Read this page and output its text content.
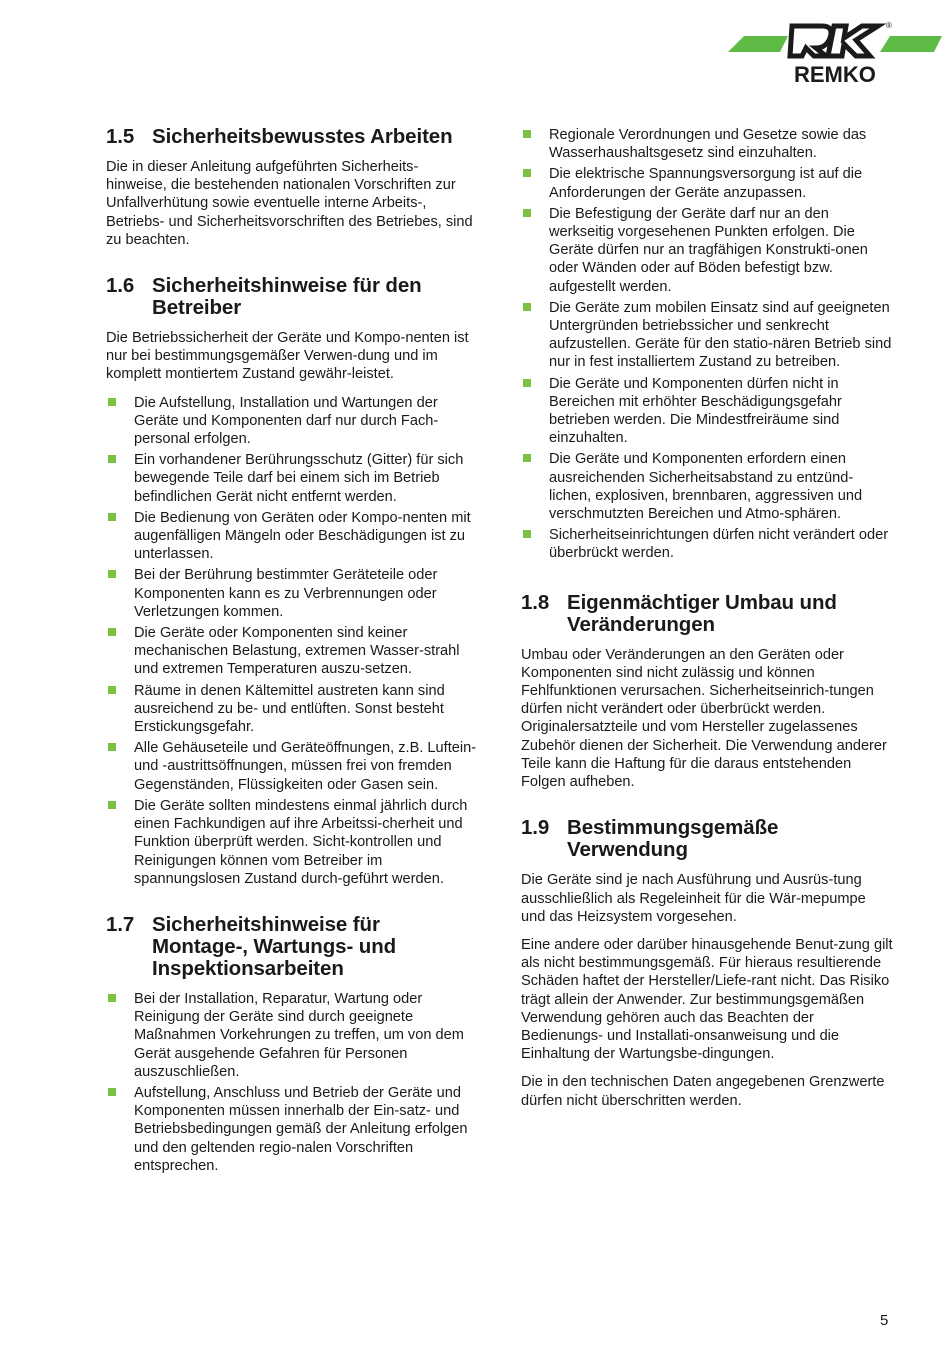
REMKO
®
1.5 Sicherheitsbewusstes Arbeiten

Die in dieser Anleitung aufgeführten Sicherheits-hinweise, die bestehenden nationalen Vorschriften zur Unfallverhütung sowie eventuelle interne Arbeits-, Betriebs- und Sicherheitsvorschriften des Betriebes, sind zu beachten.

1.6 Sicherheitshinweise für den Betreiber

Die Betriebssicherheit der Geräte und Kompo-nenten ist nur bei bestimmungsgemäßer Verwen-dung und im komplett montiertem Zustand gewähr-leistet.

Die Aufstellung, Installation und Wartungen der Geräte und Komponenten darf nur durch Fach-personal erfolgen.
Ein vorhandener Berührungsschutz (Gitter) für sich bewegende Teile darf bei einem sich im Betrieb befindlichen Gerät nicht entfernt werden.
Die Bedienung von Geräten oder Kompo-nenten mit augenfälligen Mängeln oder Beschädigungen ist zu unterlassen.
Bei der Berührung bestimmter Geräteteile oder Komponenten kann es zu Verbrennungen oder Verletzungen kommen.
Die Geräte oder Komponenten sind keiner mechanischen Belastung, extremen Wasser-strahl und extremen Temperaturen auszu-setzen.
Räume in denen Kältemittel austreten kann sind ausreichend zu be- und entlüften. Sonst besteht Erstickungsgefahr.
Alle Gehäuseteile und Geräteöffnungen, z.B. Luftein- und -austrittsöffnungen, müssen frei von fremden Gegenständen, Flüssigkeiten oder Gasen sein.
Die Geräte sollten mindestens einmal jährlich durch einen Fachkundigen auf ihre Arbeitssi-cherheit und Funktion überprüft werden. Sicht-kontrollen und Reinigungen können vom Betreiber im spannungslosen Zustand durch-geführt werden.
1.7 Sicherheitshinweise für Montage-, Wartungs- und Inspektionsarbeiten
Bei der Installation, Reparatur, Wartung oder Reinigung der Geräte sind durch geeignete Maßnahmen Vorkehrungen zu treffen, um von dem Gerät ausgehende Gefahren für Personen auszuschließen.
Aufstellung, Anschluss und Betrieb der Geräte und Komponenten müssen innerhalb der Ein-satz- und Betriebsbedingungen gemäß der Anleitung erfolgen und den geltenden regio-nalen Vorschriften entsprechen.
Regionale Verordnungen und Gesetze sowie das Wasserhaushaltsgesetz sind einzuhalten.
Die elektrische Spannungsversorgung ist auf die Anforderungen der Geräte anzupassen.
Die Befestigung der Geräte darf nur an den werkseitig vorgesehenen Punkten erfolgen. Die Geräte dürfen nur an tragfähigen Konstrukti-onen oder Wänden oder auf Böden befestigt bzw. aufgestellt werden.
Die Geräte zum mobilen Einsatz sind auf geeigneten Untergründen betriebssicher und senkrecht aufzustellen. Geräte für den statio-nären Betrieb sind nur in fest installiertem Zustand zu betreiben.
Die Geräte und Komponenten dürfen nicht in Bereichen mit erhöhter Beschädigungsgefahr betrieben werden. Die Mindestfreiräume sind einzuhalten.
Die Geräte und Komponenten erfordern einen ausreichenden Sicherheitsabstand zu entzünd-lichen, explosiven, brennbaren, aggressiven und verschmutzten Bereichen und Atmo-sphären.
Sicherheitseinrichtungen dürfen nicht verändert oder überbrückt werden.
1.8 Eigenmächtiger Umbau und Veränderungen

Umbau oder Veränderungen an den Geräten oder Komponenten sind nicht zulässig und können Fehlfunktionen verursachen. Sicherheitseinrich-tungen dürfen nicht verändert oder überbrückt werden. Originalersatzteile und vom Hersteller zugelassenes Zubehör dienen der Sicherheit. Die Verwendung anderer Teile kann die Haftung für die daraus entstehenden Folgen aufheben.

1.9 Bestimmungsgemäße Verwendung

Die Geräte sind je nach Ausführung und Ausrüs-tung ausschließlich als Regeleinheit für die Wär-mepumpe und das Heizsystem vorgesehen.

Eine andere oder darüber hinausgehende Benut-zung gilt als nicht bestimmungsgemäß. Für hieraus resultierende Schäden haftet der Hersteller/Liefe-rant nicht. Das Risiko trägt allein der Anwender. Zur bestimmungsgemäßen Verwendung gehören auch das Beachten der Bedienungs- und Installati-onsanweisung und die Einhaltung der Wartungsbe-dingungen.

Die in den technischen Daten angegebenen Grenzwerte dürfen nicht überschritten werden.

5
